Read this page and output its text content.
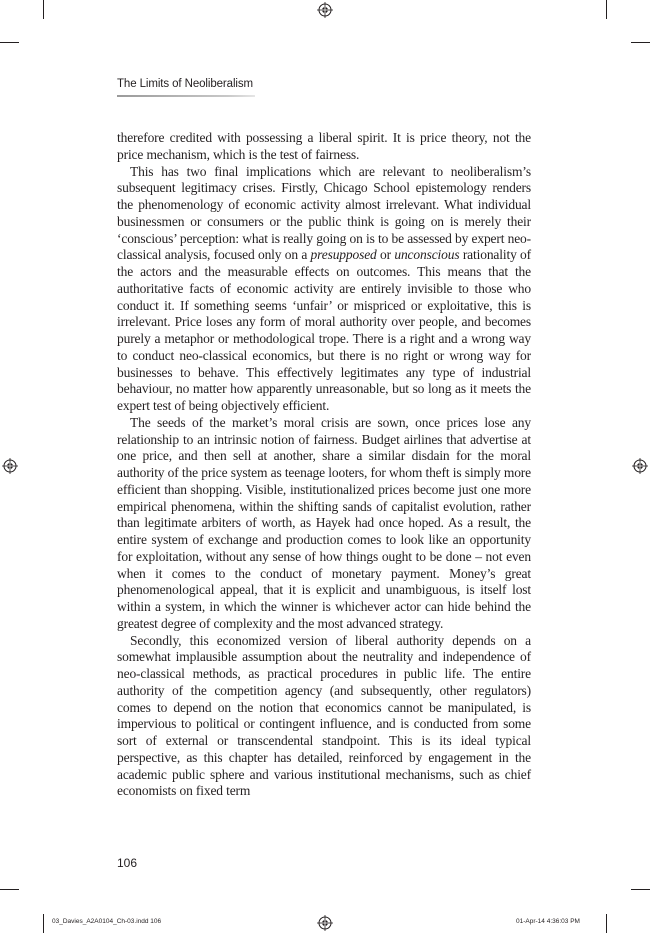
The Limits of Neoliberalism

therefore credited with possessing a liberal spirit. It is price theory, not the price mechanism, which is the test of fairness.

This has two final implications which are relevant to neoliberalism’s subsequent legitimacy crises. Firstly, Chicago School epistemology renders the phenomenology of economic activity almost irrelevant. What individual businessmen or consumers or the public think is going on is merely their ‘conscious’ perception: what is really going on is to be assessed by expert neo-classical analysis, focused only on a presupposed or unconscious rationality of the actors and the measurable effects on outcomes. This means that the authoritative facts of economic activity are entirely invisible to those who conduct it. If something seems ‘unfair’ or mispriced or exploitative, this is irrelevant. Price loses any form of moral authority over people, and becomes purely a metaphor or methodological trope. There is a right and a wrong way to conduct neo-classical economics, but there is no right or wrong way for businesses to behave. This effectively legitimates any type of industrial behaviour, no matter how apparently unreasonable, but so long as it meets the expert test of being objectively efficient.

The seeds of the market’s moral crisis are sown, once prices lose any relationship to an intrinsic notion of fairness. Budget airlines that advertise at one price, and then sell at another, share a similar disdain for the moral authority of the price system as teenage looters, for whom theft is simply more efficient than shopping. Visible, institutionalized prices become just one more empirical phenomena, within the shifting sands of capitalist evolution, rather than legitimate arbiters of worth, as Hayek had once hoped. As a result, the entire system of exchange and production comes to look like an opportunity for exploitation, without any sense of how things ought to be done – not even when it comes to the conduct of monetary payment. Money’s great phenomenological appeal, that it is explicit and unambiguous, is itself lost within a system, in which the winner is whichever actor can hide behind the greatest degree of complexity and the most advanced strategy.

Secondly, this economized version of liberal authority depends on a somewhat implausible assumption about the neutrality and independence of neo-classical methods, as practical procedures in public life. The entire authority of the competition agency (and subsequently, other regulators) comes to depend on the notion that economics cannot be manipulated, is impervious to political or contingent influence, and is conducted from some sort of external or transcendental standpoint. This is its ideal typical perspective, as this chapter has detailed, reinforced by engagement in the academic public sphere and various institutional mechanisms, such as chief economists on fixed term

106
03_Davies_A2A0104_Ch-03.indd 106	01-Apr-14 4:36:03 PM
